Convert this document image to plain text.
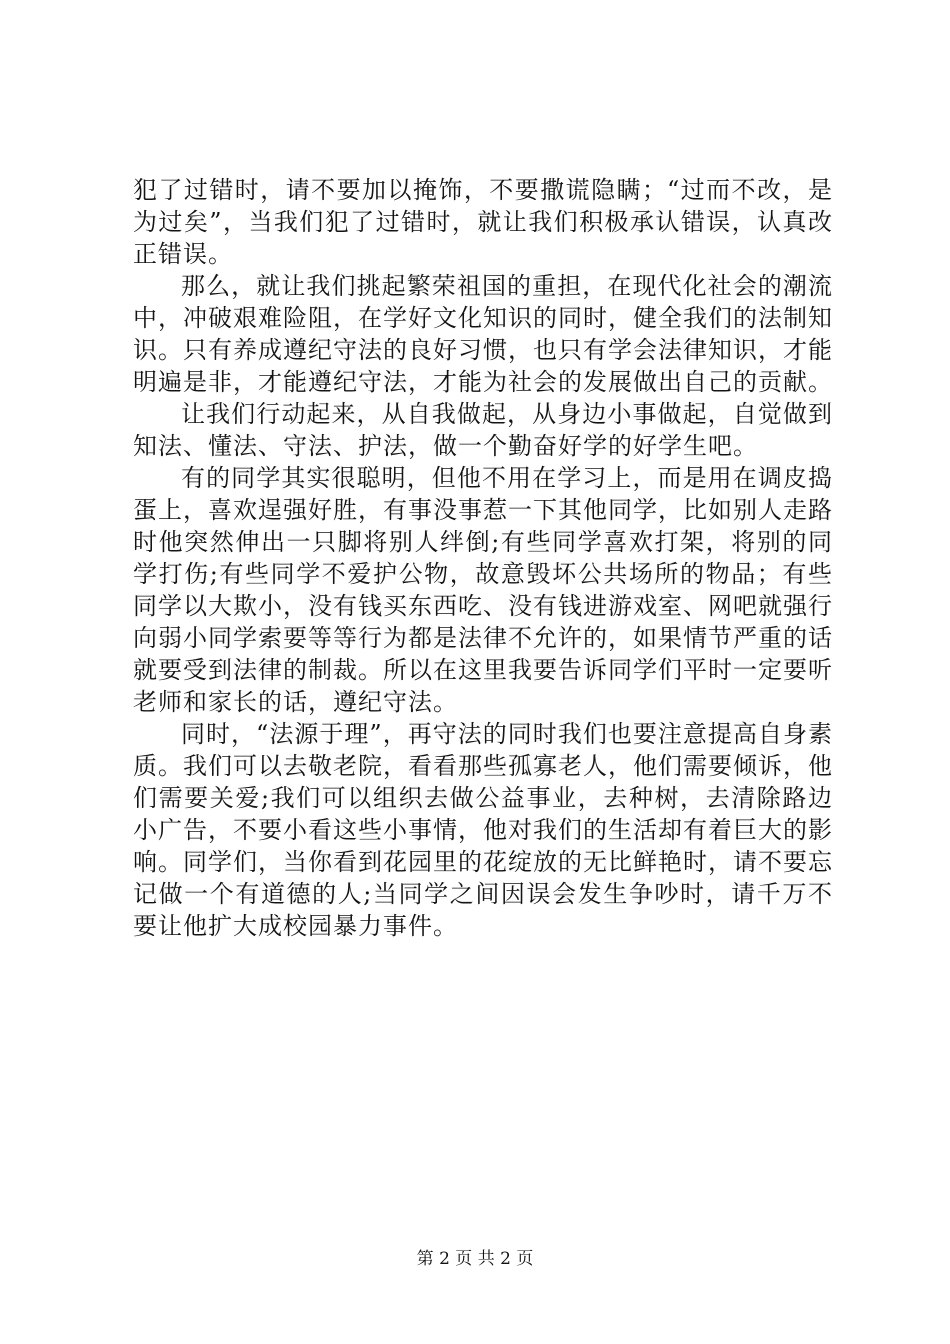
犯了过错时，请不要加以掩饰，不要撒谎隐瞒；“过而不改，是为过矣”，当我们犯了过错时，就让我们积极承认错误，认真改正错误。

那么，就让我们挑起繁荣祖国的重担，在现代化社会的潮流中，冲破艰难险阻，在学好文化知识的同时，健全我们的法制知识。只有养成遵纪守法的良好习惯，也只有学会法律知识，才能明遍是非，才能遵纪守法，才能为社会的发展做出自己的贡献。

让我们行动起来，从自我做起，从身边小事做起，自觉做到知法、懂法、守法、护法，做一个勤奋好学的好学生吧。

有的同学其实很聪明，但他不用在学习上，而是用在调皮捣蛋上，喜欢逞强好胜，有事没事惹一下其他同学，比如别人走路时他突然伸出一只脚将别人绊倒;有些同学喜欢打架，将别的同学打伤;有些同学不爱护公物，故意毁坏公共场所的物品；有些同学以大欺小，没有钱买东西吃、没有钱进游戏室、网吧就强行向弱小同学索要等等行为都是法律不允许的，如果情节严重的话就要受到法律的制裁。所以在这里我要告诉同学们平时一定要听老师和家长的话，遵纪守法。

同时，“法源于理”，再守法的同时我们也要注意提高自身素质。我们可以去敬老院，看看那些孤寡老人，他们需要倾诉，他们需要关爱;我们可以组织去做公益事业，去种树，去清除路边小广告，不要小看这些小事情，他对我们的生活却有着巨大的影响。同学们，当你看到花园里的花绽放的无比鲜艳时，请不要忘记做一个有道德的人;当同学之间因误会发生争吵时，请千万不要让他扩大成校园暴力事件。

第 2 页 共 2 页
